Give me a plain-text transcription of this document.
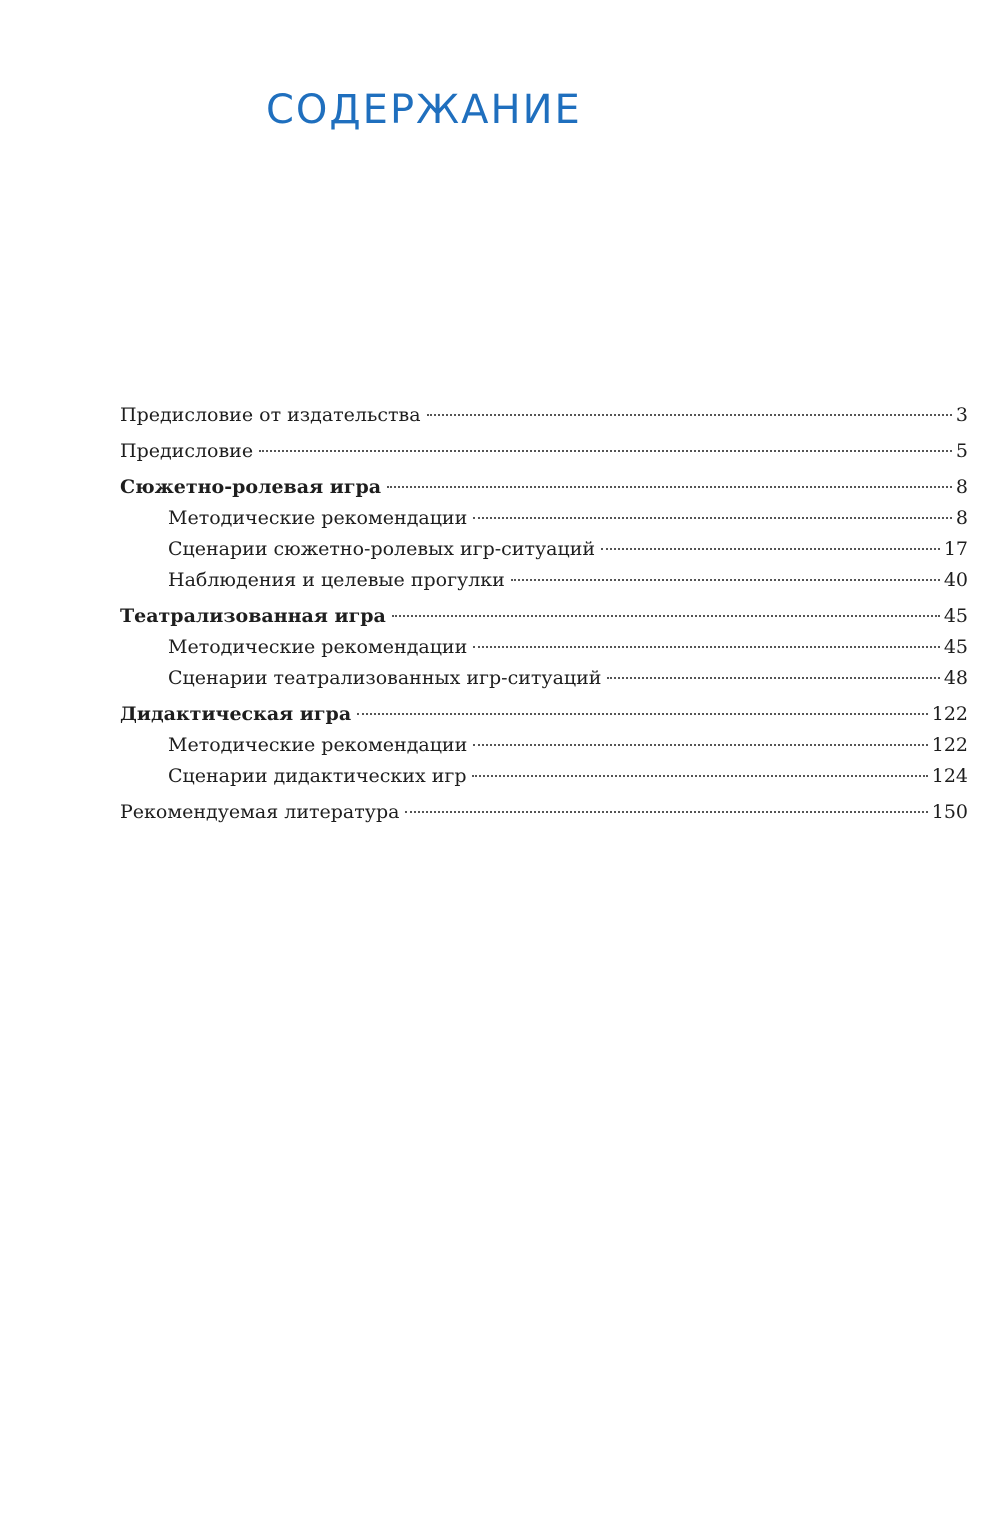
СОДЕРЖАНИЕ
Предисловие от издательства	3
Предисловие	5
Сюжетно-ролевая игра	8
Методические рекомендации	8
Сценарии сюжетно-ролевых игр-ситуаций	17
Наблюдения и целевые прогулки	40
Театрализованная игра	45
Методические рекомендации	45
Сценарии театрализованных игр-ситуаций	48
Дидактическая игра	122
Методические рекомендации	122
Сценарии дидактических игр	124
Рекомендуемая литература	150
